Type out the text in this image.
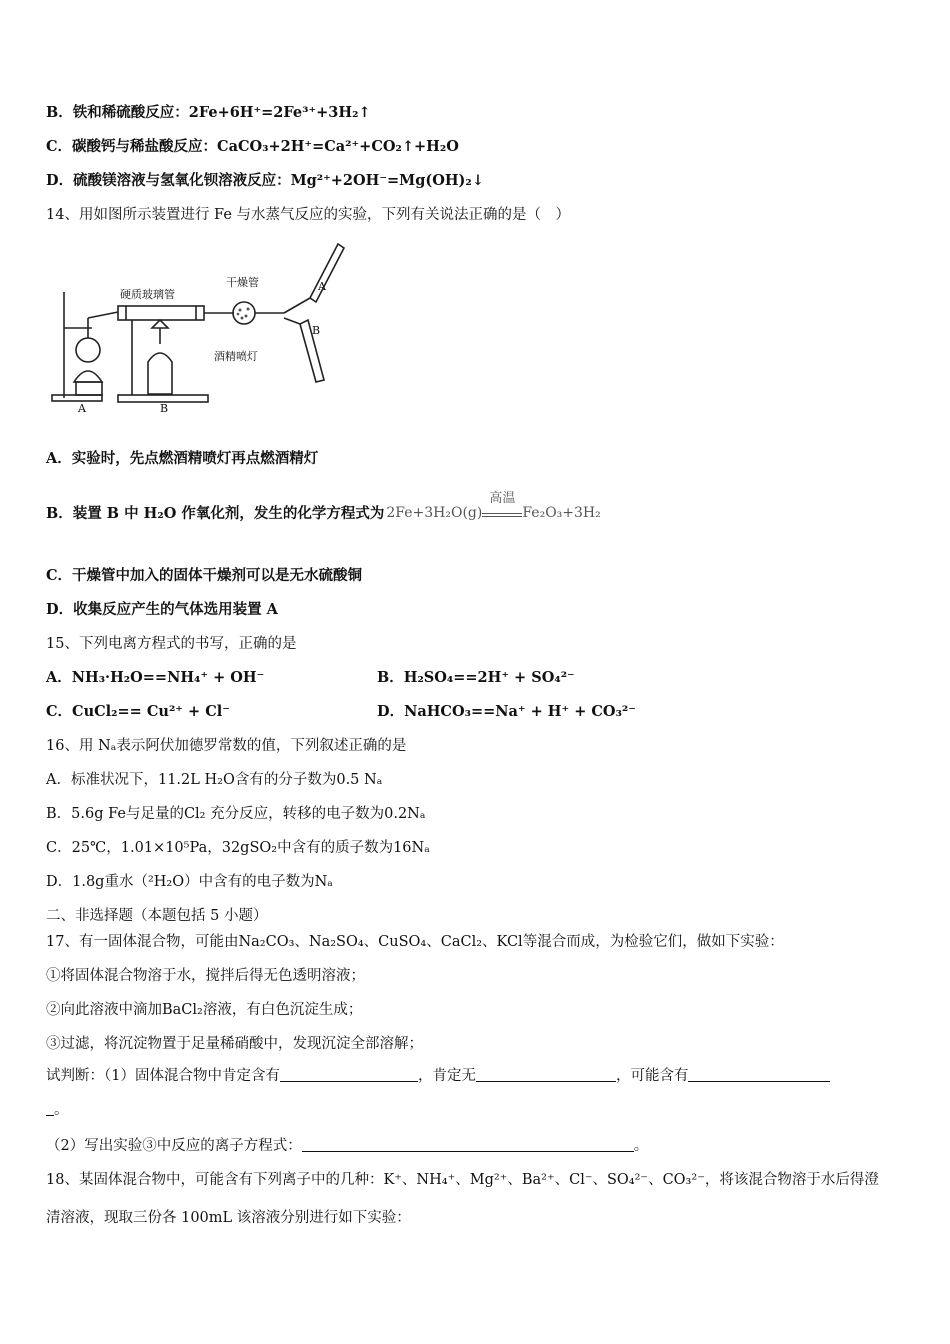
B．铁和稀硫酸反应：2Fe+6H⁺=2Fe³⁺+3H₂↑
C．碳酸钙与稀盐酸反应：CaCO₃+2H⁺=Ca²⁺+CO₂↑+H₂O
D．硫酸镁溶液与氢氧化钡溶液反应：Mg²⁺+2OH⁻=Mg(OH)₂↓
14、用如图所示装置进行 Fe 与水蒸气反应的实验，下列有关说法正确的是（　）
硬质玻璃管
干燥管
酒精喷灯
A	B
A
B
A．实验时，先点燃酒精喷灯再点燃酒精灯
B．装置 B 中 H₂O 作氧化剂，发生的化学方程式为 2Fe+3H₂O(g)
高温
Fe₂O₃+3H₂
C．干燥管中加入的固体干燥剂可以是无水硫酸铜
D．收集反应产生的气体选用装置 A
15、下列电离方程式的书写，正确的是
A．NH₃·H₂O==NH₄⁺ + OH⁻	B．H₂SO₄==2H⁺ + SO₄²⁻
C．CuCl₂== Cu²⁺ + Cl⁻	D．NaHCO₃==Na⁺ + H⁺ + CO₃²⁻
16、用 Nₐ表示阿伏加德罗常数的值，下列叙述正确的是
A．标准状况下，11.2L H₂O含有的分子数为0.5 Nₐ
B．5.6g Fe与足量的Cl₂ 充分反应，转移的电子数为0.2Nₐ
C．25℃，1.01×10⁵Pa，32gSO₂中含有的质子数为16Nₐ
D．1.8g重水（²H₂O）中含有的电子数为Nₐ
二、非选择题（本题包括 5 小题）
17、有一固体混合物，可能由Na₂CO₃、Na₂SO₄、CuSO₄、CaCl₂、KCl等混合而成，为检验它们，做如下实验：
①将固体混合物溶于水，搅拌后得无色透明溶液；
②向此溶液中滴加BaCl₂溶液，有白色沉淀生成；
③过滤，将沉淀物置于足量稀硝酸中，发现沉淀全部溶解；
试判断：（1）固体混合物中肯定含有	，肯定无	，可能含有
。
（2）写出实验③中反应的离子方程式：	。
18、某固体混合物中，可能含有下列离子中的几种：K⁺、NH₄⁺、Mg²⁺、Ba²⁺、Cl⁻、SO₄²⁻、CO₃²⁻，将该混合物溶于水后得澄
清溶液，现取三份各 100mL 该溶液分别进行如下实验：
